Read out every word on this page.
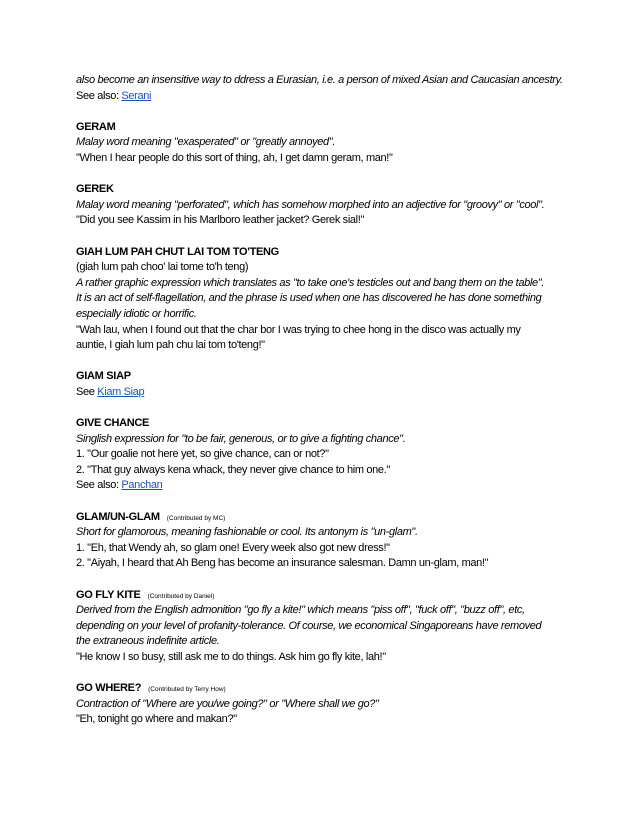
also become an insensitive way to ddress a Eurasian, i.e. a person of mixed Asian and Caucasian ancestry.
See also: Serani
GERAM
Malay word meaning "exasperated" or "greatly annoyed".
"When I hear people do this sort of thing, ah, I get damn geram, man!"
GEREK
Malay word meaning "perforated", which has somehow morphed into an adjective for "groovy" or "cool".
"Did you see Kassim in his Marlboro leather jacket? Gerek sial!"
GIAH LUM PAH CHUT LAI TOM TO'TENG
(giah lum pah choo' lai tome to'h teng)
A rather graphic expression which translates as "to take one's testicles out and bang them on the table".
It is an act of self-flagellation, and the phrase is used when one has discovered he has done something
especially idiotic or horrific.
"Wah lau, when I found out that the char bor I was trying to chee hong in the disco was actually my
auntie, I giah lum pah chu lai tom to'teng!"
GIAM SIAP
See Kiam Siap
GIVE CHANCE
Singlish expression for "to be fair, generous, or to give a fighting chance".
1. "Our goalie not here yet, so give chance, can or not?"
2. "That guy always kena whack, they never give chance to him one."
See also: Panchan
GLAM/UN-GLAM (Contributed by MC)
Short for glamorous, meaning fashionable or cool. Its antonym is "un-glam".
1. "Eh, that Wendy ah, so glam one! Every week also got new dress!"
2. "Aiyah, I heard that Ah Beng has become an insurance salesman. Damn un-glam, man!"
GO FLY KITE (Contributed by Daniel)
Derived from the English admonition "go fly a kite!" which means "piss off", "fuck off", "buzz off", etc,
depending on your level of profanity-tolerance. Of course, we economical Singaporeans have removed
the extraneous indefinite article.
"He know I so busy, still ask me to do things. Ask him go fly kite, lah!"
GO WHERE? (Contributed by Terry How)
Contraction of "Where are you/we going?" or "Where shall we go?"
"Eh, tonight go where and makan?"
